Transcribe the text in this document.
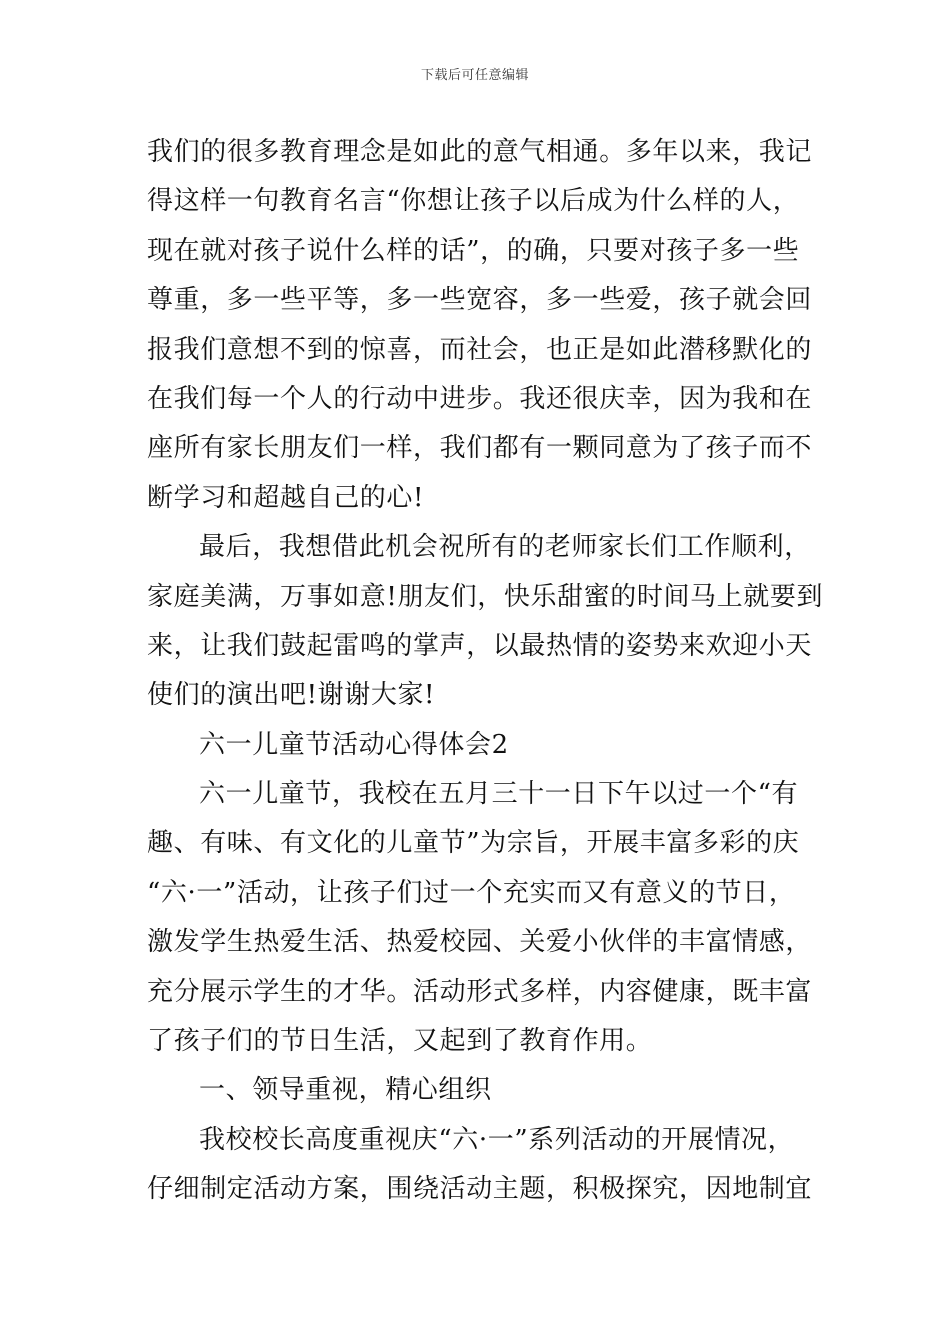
下载后可任意编辑
我们的很多教育理念是如此的意气相通。多年以来，我记
得这样一句教育名言“你想让孩子以后成为什么样的人，
现在就对孩子说什么样的话”，的确，只要对孩子多一些
尊重，多一些平等，多一些宽容，多一些爱，孩子就会回
报我们意想不到的惊喜，而社会，也正是如此潜移默化的
在我们每一个人的行动中进步。我还很庆幸，因为我和在
座所有家长朋友们一样，我们都有一颗同意为了孩子而不
断学习和超越自己的心!
最后，我想借此机会祝所有的老师家长们工作顺利，
家庭美满，万事如意!朋友们，快乐甜蜜的时间马上就要到
来，让我们鼓起雷鸣的掌声，以最热情的姿势来欢迎小天
使们的演出吧!谢谢大家!
六一儿童节活动心得体会2
六一儿童节，我校在五月三十一日下午以过一个“有
趣、有味、有文化的儿童节”为宗旨，开展丰富多彩的庆
“六·一”活动，让孩子们过一个充实而又有意义的节日，
激发学生热爱生活、热爱校园、关爱小伙伴的丰富情感，
充分展示学生的才华。活动形式多样，内容健康，既丰富
了孩子们的节日生活，又起到了教育作用。
一、领导重视，精心组织
我校校长高度重视庆“六·一”系列活动的开展情况，
仔细制定活动方案，围绕活动主题，积极探究，因地制宜
